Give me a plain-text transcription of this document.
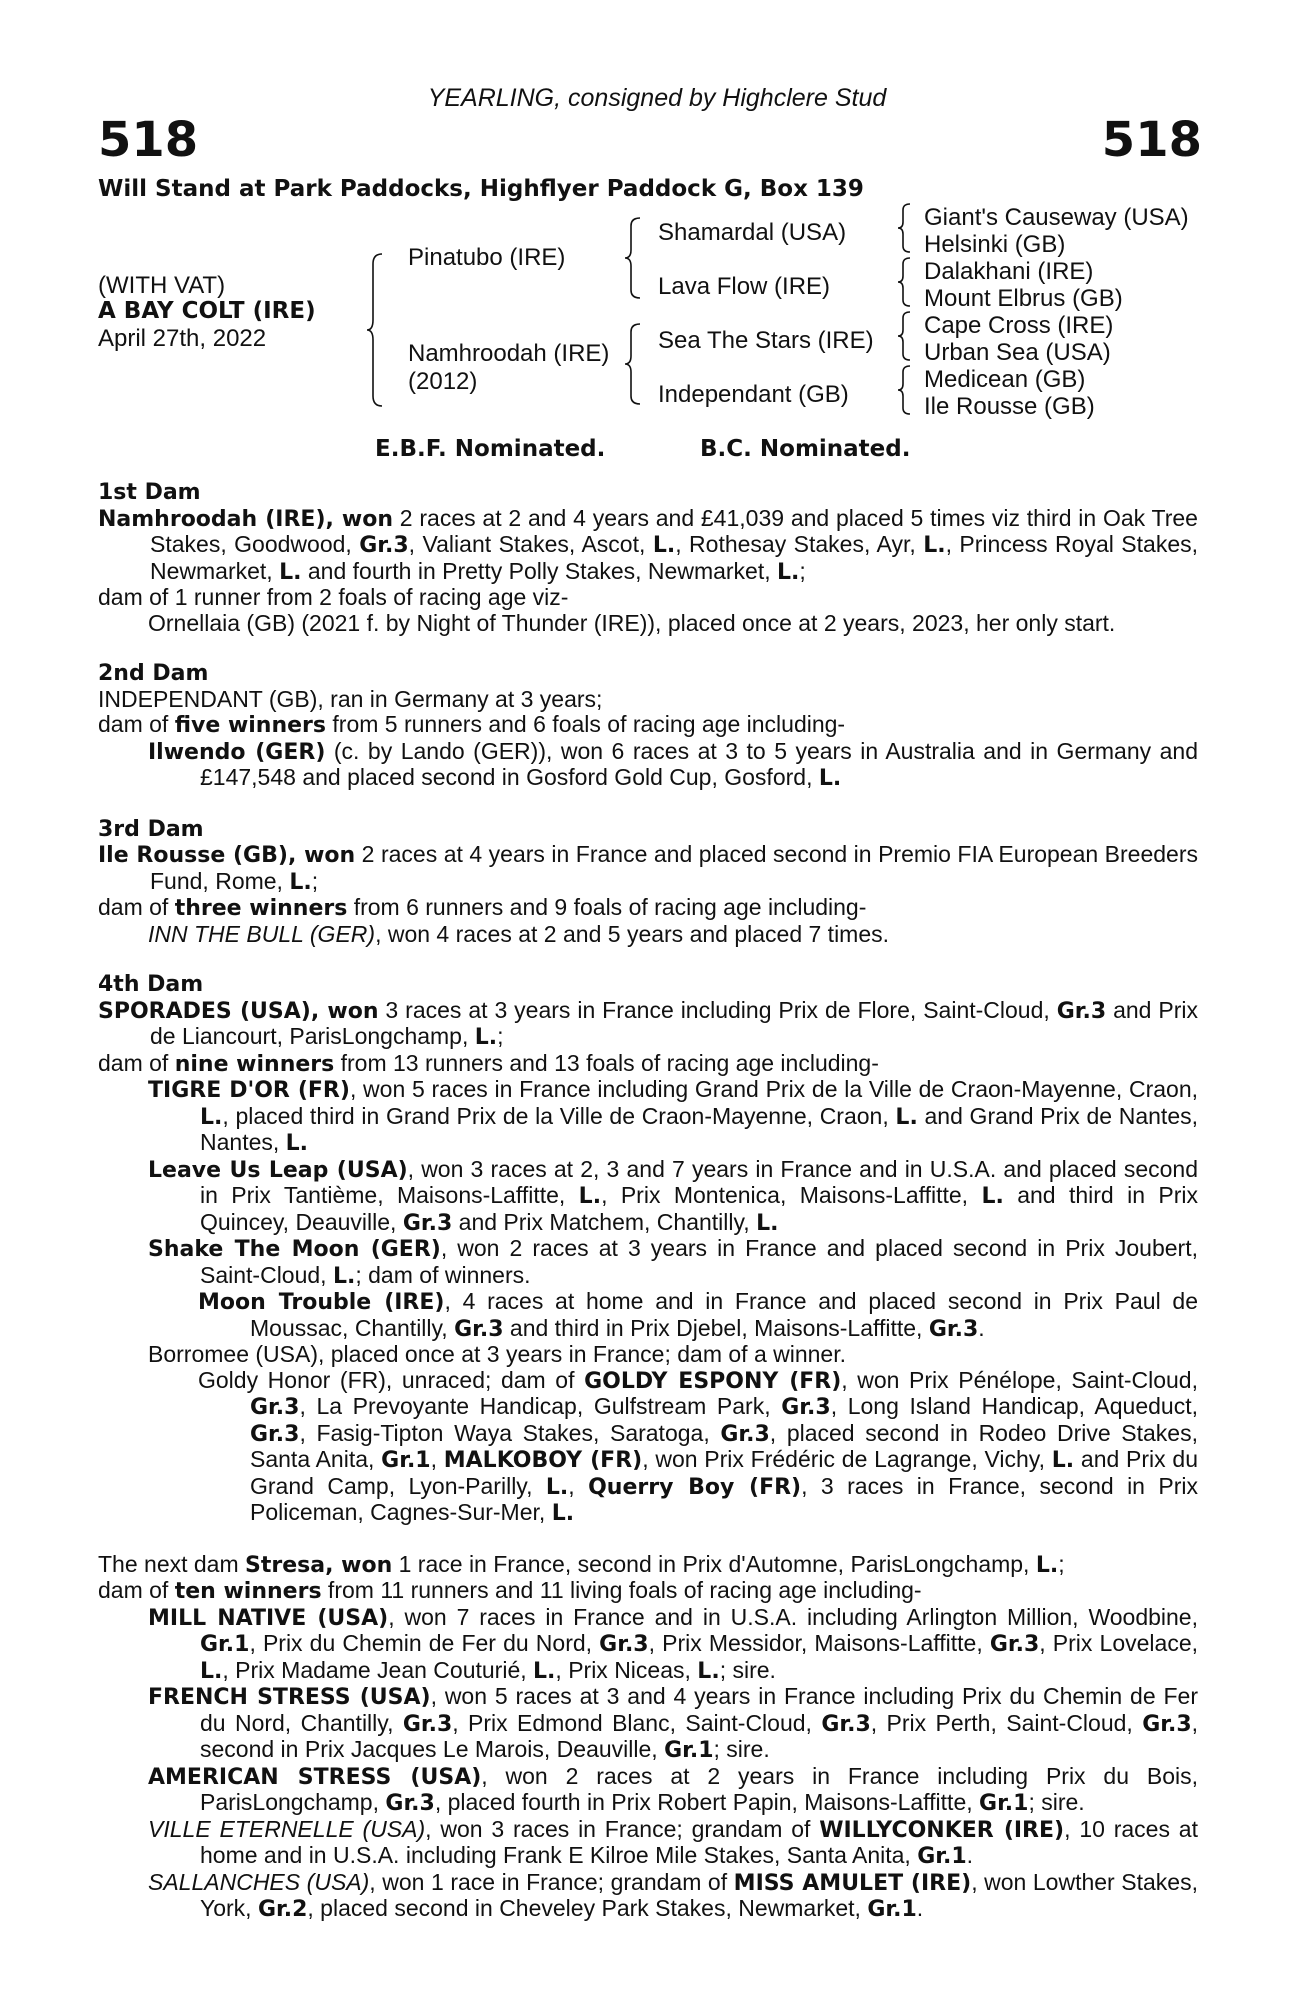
YEARLING, consigned by Highclere Stud
518	518
Will Stand at Park Paddocks, Highflyer Paddock G, Box 139
(WITH VAT)
A BAY COLT (IRE)
April 27th, 2022
Pinatubo (IRE)
Namhroodah (IRE)
(2012)
Shamardal (USA)
Lava Flow (IRE)
Sea The Stars (IRE)
Independant (GB)
Giant's Causeway (USA)
Helsinki (GB)
Dalakhani (IRE)
Mount Elbrus (GB)
Cape Cross (IRE)
Urban Sea (USA)
Medicean (GB)
Ile Rousse (GB)
E.B.F. Nominated.	B.C. Nominated.
1st Dam

Namhroodah (IRE), won 2 races at 2 and 4 years and £41,039 and placed 5 times viz third in Oak Tree Stakes, Goodwood, Gr.3, Valiant Stakes, Ascot, L., Rothesay Stakes, Ayr, L., Princess Royal Stakes, Newmarket, L. and fourth in Pretty Polly Stakes, Newmarket, L.;

dam of 1 runner from 2 foals of racing age viz-

Ornellaia (GB) (2021 f. by Night of Thunder (IRE)), placed once at 2 years, 2023, her only start.

2nd Dam

INDEPENDANT (GB), ran in Germany at 3 years;

dam of five winners from 5 runners and 6 foals of racing age including-

Ilwendo (GER) (c. by Lando (GER)), won 6 races at 3 to 5 years in Australia and in Germany and £147,548 and placed second in Gosford Gold Cup, Gosford, L.

3rd Dam

Ile Rousse (GB), won 2 races at 4 years in France and placed second in Premio FIA European Breeders Fund, Rome, L.;

dam of three winners from 6 runners and 9 foals of racing age including-

INN THE BULL (GER), won 4 races at 2 and 5 years and placed 7 times.

4th Dam

SPORADES (USA), won 3 races at 3 years in France including Prix de Flore, Saint-Cloud, Gr.3 and Prix de Liancourt, ParisLongchamp, L.;

dam of nine winners from 13 runners and 13 foals of racing age including-

TIGRE D'OR (FR), won 5 races in France including Grand Prix de la Ville de Craon-Mayenne, Craon, L., placed third in Grand Prix de la Ville de Craon-Mayenne, Craon, L. and Grand Prix de Nantes, Nantes, L.

Leave Us Leap (USA), won 3 races at 2, 3 and 7 years in France and in U.S.A. and placed second in Prix Tantième, Maisons-Laffitte, L., Prix Montenica, Maisons-Laffitte, L. and third in Prix Quincey, Deauville, Gr.3 and Prix Matchem, Chantilly, L.

Shake The Moon (GER), won 2 races at 3 years in France and placed second in Prix Joubert, Saint-Cloud, L.; dam of winners.

Moon Trouble (IRE), 4 races at home and in France and placed second in Prix Paul de Moussac, Chantilly, Gr.3 and third in Prix Djebel, Maisons-Laffitte, Gr.3.

Borromee (USA), placed once at 3 years in France; dam of a winner.

Goldy Honor (FR), unraced; dam of GOLDY ESPONY (FR), won Prix Pénélope, Saint-Cloud, Gr.3, La Prevoyante Handicap, Gulfstream Park, Gr.3, Long Island Handicap, Aqueduct, Gr.3, Fasig-Tipton Waya Stakes, Saratoga, Gr.3, placed second in Rodeo Drive Stakes, Santa Anita, Gr.1, MALKOBOY (FR), won Prix Frédéric de Lagrange, Vichy, L. and Prix du Grand Camp, Lyon-Parilly, L., Querry Boy (FR), 3 races in France, second in Prix Policeman, Cagnes-Sur-Mer, L.

The next dam Stresa, won 1 race in France, second in Prix d'Automne, ParisLongchamp, L.;

dam of ten winners from 11 runners and 11 living foals of racing age including-

MILL NATIVE (USA), won 7 races in France and in U.S.A. including Arlington Million, Woodbine, Gr.1, Prix du Chemin de Fer du Nord, Gr.3, Prix Messidor, Maisons-Laffitte, Gr.3, Prix Lovelace, L., Prix Madame Jean Couturié, L., Prix Niceas, L.; sire.

FRENCH STRESS (USA), won 5 races at 3 and 4 years in France including Prix du Chemin de Fer du Nord, Chantilly, Gr.3, Prix Edmond Blanc, Saint-Cloud, Gr.3, Prix Perth, Saint-Cloud, Gr.3, second in Prix Jacques Le Marois, Deauville, Gr.1; sire.

AMERICAN STRESS (USA), won 2 races at 2 years in France including Prix du Bois, ParisLongchamp, Gr.3, placed fourth in Prix Robert Papin, Maisons-Laffitte, Gr.1; sire.

VILLE ETERNELLE (USA), won 3 races in France; grandam of WILLYCONKER (IRE), 10 races at home and in U.S.A. including Frank E Kilroe Mile Stakes, Santa Anita, Gr.1.

SALLANCHES (USA), won 1 race in France; grandam of MISS AMULET (IRE), won Lowther Stakes, York, Gr.2, placed second in Cheveley Park Stakes, Newmarket, Gr.1.
